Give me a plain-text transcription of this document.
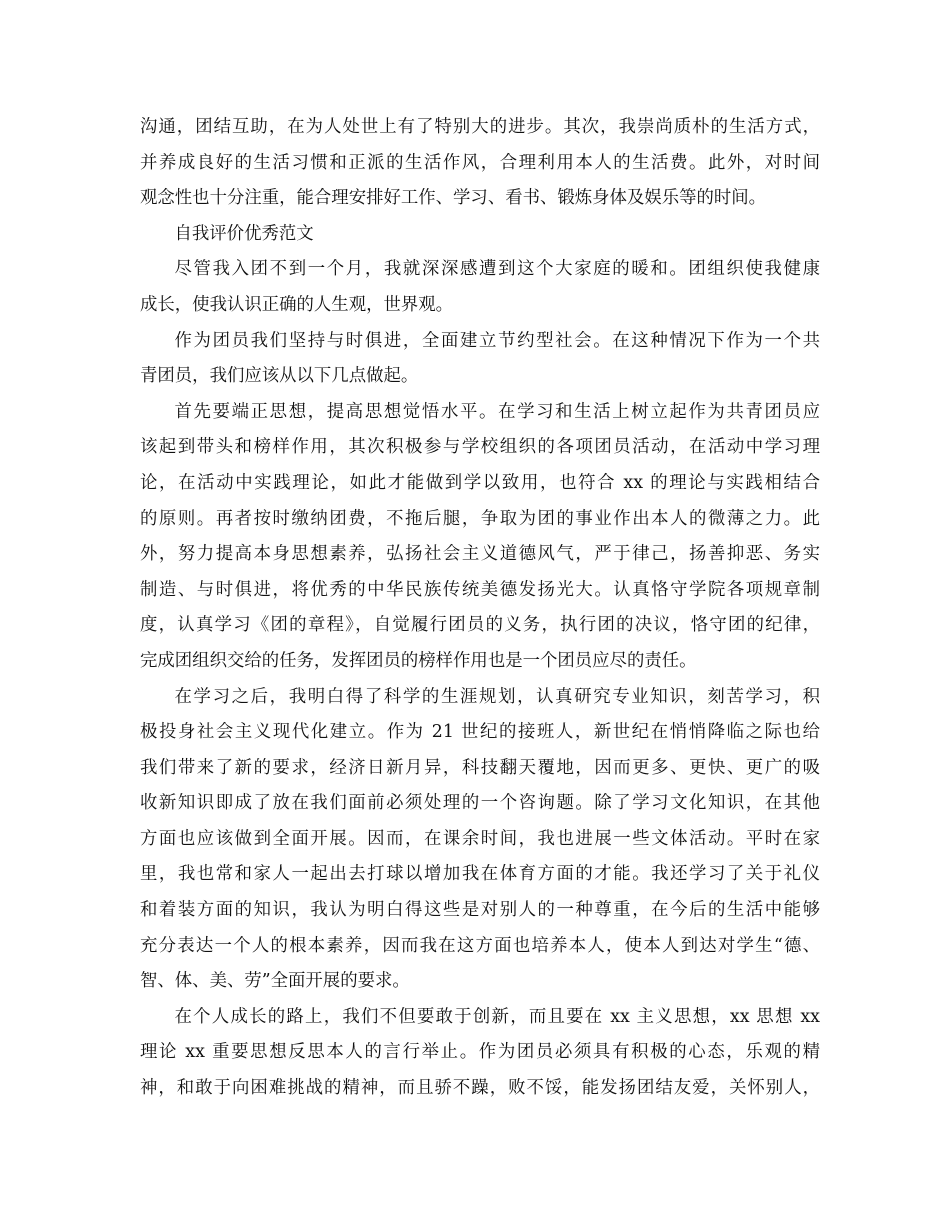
沟通，团结互助，在为人处世上有了特别大的进步。其次，我崇尚质朴的生活方式，
并养成良好的生活习惯和正派的生活作风，合理利用本人的生活费。此外，对时间
观念性也十分注重，能合理安排好工作、学习、看书、锻炼身体及娱乐等的时间。
自我评价优秀范文
尽管我入团不到一个月，我就深深感遭到这个大家庭的暖和。团组织使我健康
成长，使我认识正确的人生观，世界观。
作为团员我们坚持与时俱进，全面建立节约型社会。在这种情况下作为一个共
青团员，我们应该从以下几点做起。
首先要端正思想，提高思想觉悟水平。在学习和生活上树立起作为共青团员应
该起到带头和榜样作用，其次积极参与学校组织的各项团员活动，在活动中学习理
论，在活动中实践理论，如此才能做到学以致用，也符合 xx 的理论与实践相结合
的原则。再者按时缴纳团费，不拖后腿，争取为团的事业作出本人的微薄之力。此
外，努力提高本身思想素养，弘扬社会主义道德风气，严于律己，扬善抑恶、务实
制造、与时俱进，将优秀的中华民族传统美德发扬光大。认真恪守学院各项规章制
度，认真学习《团的章程》，自觉履行团员的义务，执行团的决议，恪守团的纪律，
完成团组织交给的任务，发挥团员的榜样作用也是一个团员应尽的责任。
在学习之后，我明白得了科学的生涯规划，认真研究专业知识，刻苦学习，积
极投身社会主义现代化建立。作为 21 世纪的接班人，新世纪在悄悄降临之际也给
我们带来了新的要求，经济日新月异，科技翻天覆地，因而更多、更快、更广的吸
收新知识即成了放在我们面前必须处理的一个咨询题。除了学习文化知识，在其他
方面也应该做到全面开展。因而，在课余时间，我也进展一些文体活动。平时在家
里，我也常和家人一起出去打球以增加我在体育方面的才能。我还学习了关于礼仪
和着装方面的知识，我认为明白得这些是对别人的一种尊重，在今后的生活中能够
充分表达一个人的根本素养，因而我在这方面也培养本人，使本人到达对学生“德、
智、体、美、劳”全面开展的要求。
在个人成长的路上，我们不但要敢于创新，而且要在 xx 主义思想，xx 思想 xx
理论 xx 重要思想反思本人的言行举止。作为团员必须具有积极的心态，乐观的精
神，和敢于向困难挑战的精神，而且骄不躁，败不馁，能发扬团结友爱，关怀别人，
